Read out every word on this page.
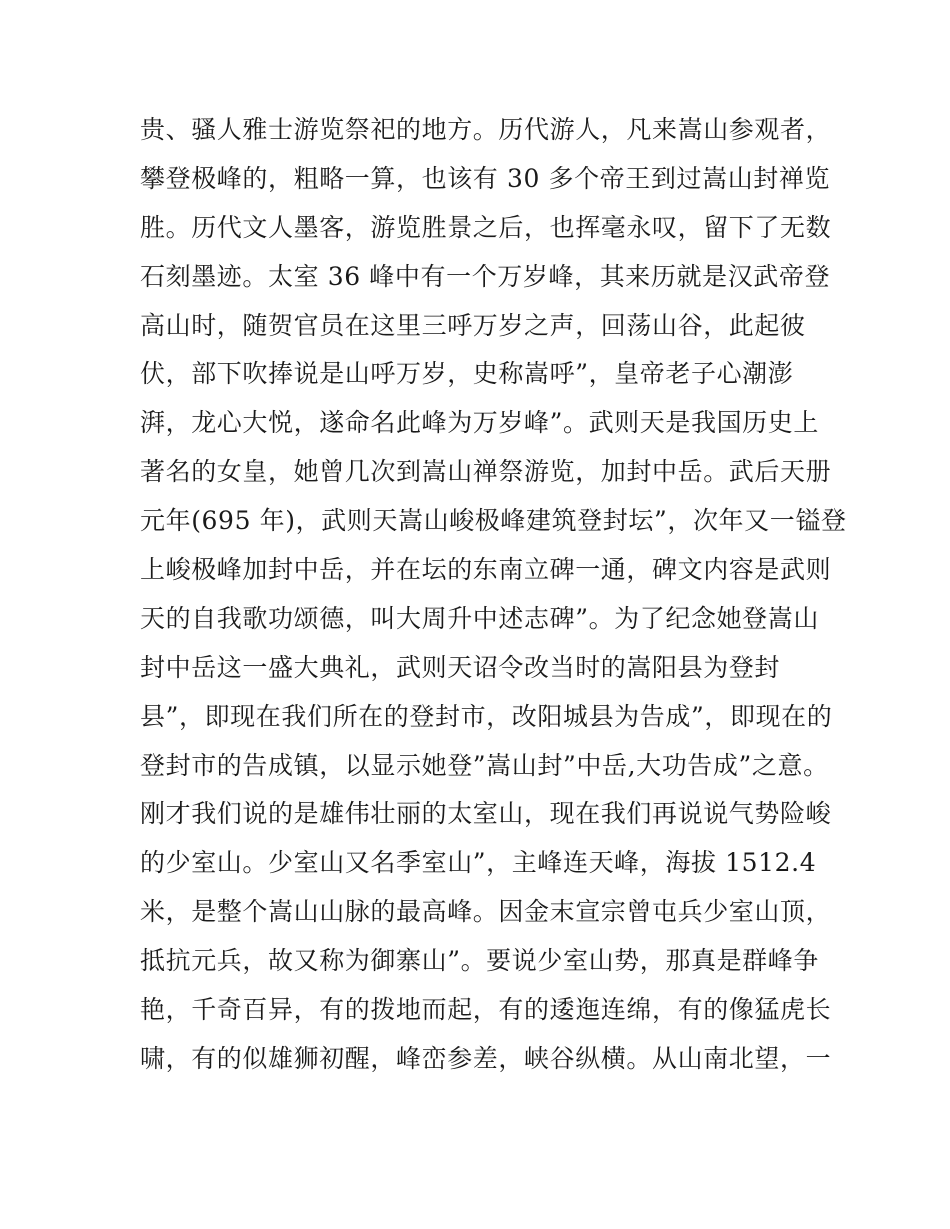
贵、骚人雅士游览祭祀的地方。历代游人，凡来嵩山参观者，
攀登极峰的，粗略一算，也该有 30 多个帝王到过嵩山封禅览
胜。历代文人墨客，游览胜景之后，也挥毫永叹，留下了无数
石刻墨迹。太室 36 峰中有一个万岁峰，其来历就是汉武帝登
高山时，随贺官员在这里三呼万岁之声，回荡山谷，此起彼
伏，部下吹捧说是山呼万岁，史称嵩呼”，皇帝老子心潮澎
湃，龙心大悦，遂命名此峰为万岁峰”。武则天是我国历史上
著名的女皇，她曾几次到嵩山禅祭游览，加封中岳。武后天册
元年(695 年)，武则天嵩山峻极峰建筑登封坛”，次年又一镒登
上峻极峰加封中岳，并在坛的东南立碑一通，碑文内容是武则
天的自我歌功颂德，叫大周升中述志碑”。为了纪念她登嵩山
封中岳这一盛大典礼，武则天诏令改当时的嵩阳县为登封
县”，即现在我们所在的登封市，改阳城县为告成”，即现在的
登封市的告成镇，以显示她登”嵩山封”中岳,大功告成”之意。
刚才我们说的是雄伟壮丽的太室山，现在我们再说说气势险峻
的少室山。少室山又名季室山”，主峰连天峰，海拔 1512.4
米，是整个嵩山山脉的最高峰。因金末宣宗曾屯兵少室山顶，
抵抗元兵，故又称为御寨山”。要说少室山势，那真是群峰争
艳，千奇百异，有的拨地而起，有的逶迤连绵，有的像猛虎长
啸，有的似雄狮初醒，峰峦参差，峡谷纵横。从山南北望，一
